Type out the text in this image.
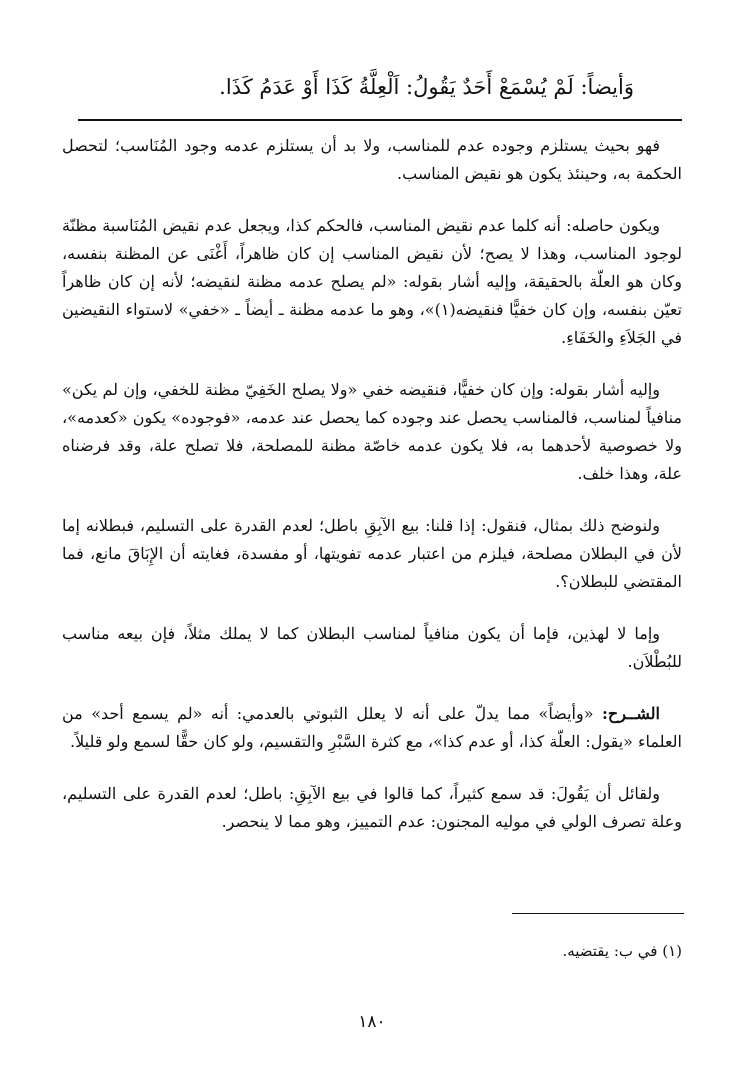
وَأيضاً: لَمْ يُسْمَعْ أَحَدٌ يَقُولُ: اَلْعِلَّةُ كَذَا أَوْ عَدَمُ كَذَا.

فهو بحيث يستلزم وجوده عدم للمناسب، ولا بد أن يستلزم عدمه وجود المُنَاسب؛ لتحصل الحكمة به، وحينئذ يكون هو نقيض المناسب.

ويكون حاصله: أنه كلما عدم نقيض المناسب، فالحكم كذا، ويجعل عدم نقيض المُنَاسبة مظنّة لوجود المناسب، وهذا لا يصح؛ لأن نقيض المناسب إن كان ظاهراً، أَغْنَى عن المظنة بنفسه، وكان هو العلّة بالحقيقة، وإليه أشار بقوله: «لم يصلح عدمه مظنة لنقيضه؛ لأنه إن كان ظاهراً تعيّن بنفسه، وإن كان خفيًّا فنقيضه(١)»، وهو ما عدمه مظنة ـ أيضاً ـ «خفي» لاستواء النقيضين في الجَلاَءِ والخَفَاءِ.

وإليه أشار بقوله: وإن كان خفيًّا، فنقيضه خفي «ولا يصلح الخَفِيّ مظنة للخفي، وإن لم يكن» منافياً لمناسب، فالمناسب يحصل عند وجوده كما يحصل عند عدمه، «فوجوده» يكون «كعدمه»، ولا خصوصية لأحدهما به، فلا يكون عدمه خاصّة مظنة للمصلحة، فلا تصلح علة، وقد فرضناه علة، وهذا خلف.

ولنوضح ذلك بمثال، فنقول: إذا قلنا: بيع الآبِقِ باطل؛ لعدم القدرة على التسليم، فبطلانه إما لأن في البطلان مصلحة، فيلزم من اعتبار عدمه تفويتها، أو مفسدة، فغايته أن الإِبَاقَ مانع، فما المقتضي للبطلان؟.

وإما لا لهذين، فإما أن يكون منافياً لمناسب البطلان كما لا يملك مثلاً، فإن بيعه مناسب للبُطْلاَن.

الشــرح: «وأيضاً» مما يدلّ على أنه لا يعلل الثبوتي بالعدمي: أنه «لم يسمع أحد» من العلماء «يقول: العلّة كذا، أو عدم كذا»، مع كثرة السَّبْرِ والتقسيم، ولو كان حقًّا لسمع ولو قليلاً.

ولقائل أن يَقُولَ: قد سمع كثيراً، كما قالوا في بيع الآبِقِ: باطل؛ لعدم القدرة على التسليم، وعلة تصرف الولي في موليه المجنون: عدم التمييز، وهو مما لا ينحصر.

(١) في ب: يقتضيه.
١٨٠
